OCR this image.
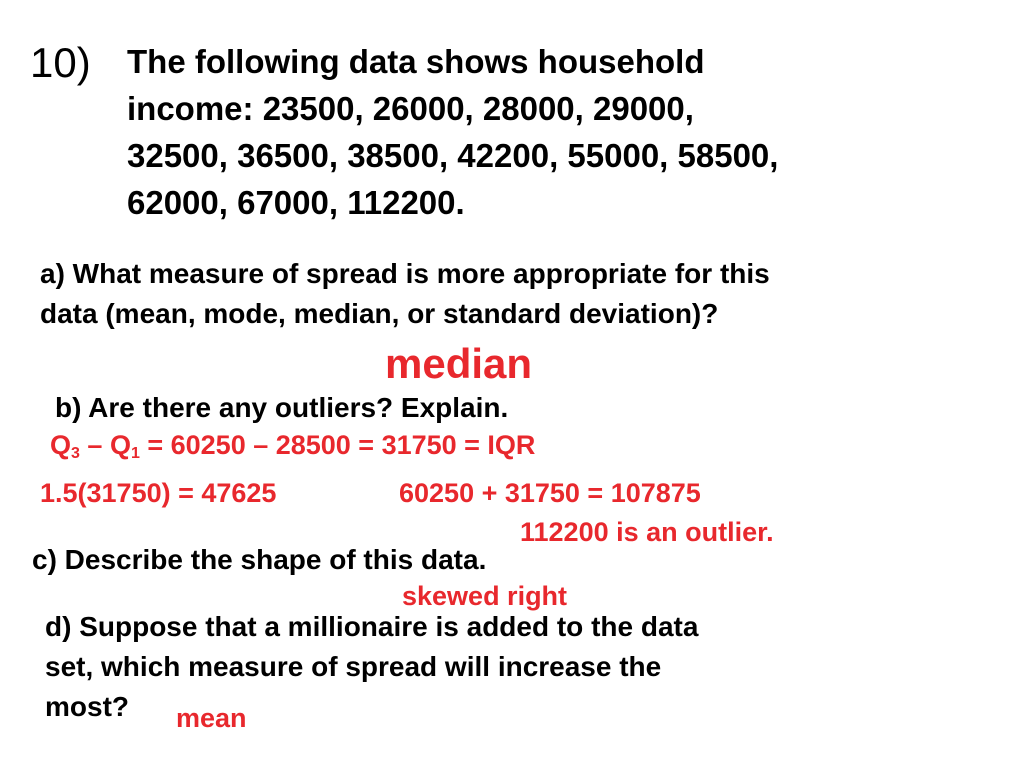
10) The following data shows household
income: 23500, 26000, 28000, 29000,
32500, 36500, 38500, 42200, 55000, 58500,
62000, 67000, 112200.
a) What measure of spread is more appropriate for this
data (mean, mode, median, or standard deviation)?
median
b) Are there any outliers? Explain.
$Q_3 - Q_1 = 60250 - 28500 = 31750$ = IQR
1.5(31750) = 47625	60250 + 31750 = 107875
112200 is an outlier.
c) Describe the shape of this data.
skewed right
d) Suppose that a millionaire is added to the data
set, which measure of spread will increase the
most?	mean
